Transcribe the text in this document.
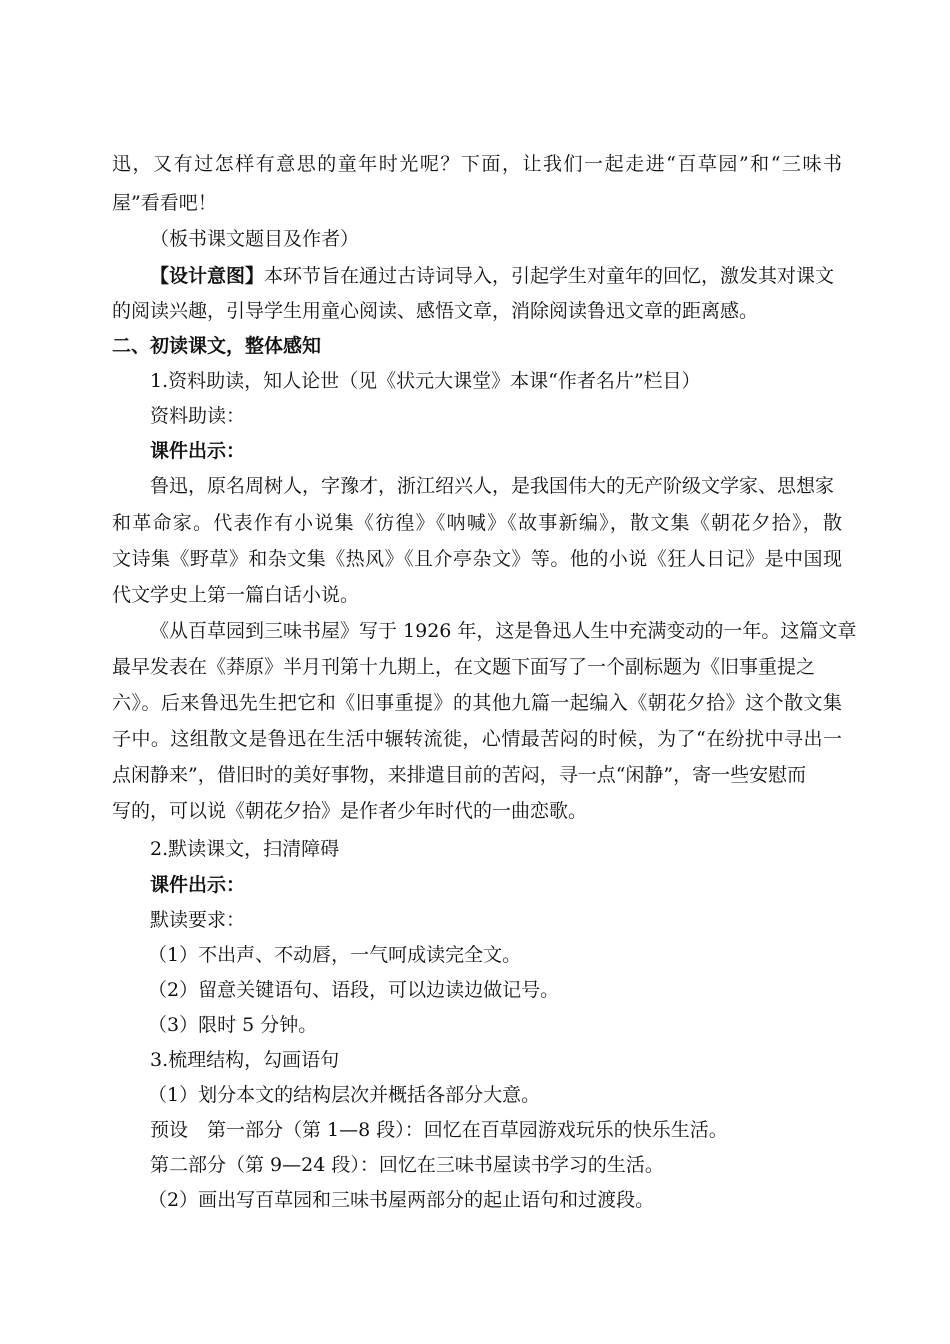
迅，又有过怎样有意思的童年时光呢？下面，让我们一起走进“百草园”和“三味书
屋”看看吧！
（板书课文题目及作者）
【设计意图】本环节旨在通过古诗词导入，引起学生对童年的回忆，激发其对课文
的阅读兴趣，引导学生用童心阅读、感悟文章，消除阅读鲁迅文章的距离感。
二、初读课文，整体感知
1.资料助读，知人论世（见《状元大课堂》本课“作者名片”栏目）
资料助读：
课件出示：
鲁迅，原名周树人，字豫才，浙江绍兴人，是我国伟大的无产阶级文学家、思想家
和革命家。代表作有小说集《彷徨》《呐喊》《故事新编》，散文集《朝花夕拾》，散
文诗集《野草》和杂文集《热风》《且介亭杂文》等。他的小说《狂人日记》是中国现
代文学史上第一篇白话小说。
《从百草园到三味书屋》写于 1926 年，这是鲁迅人生中充满变动的一年。这篇文章
最早发表在《莽原》半月刊第十九期上，在文题下面写了一个副标题为《旧事重提之
六》。后来鲁迅先生把它和《旧事重提》的其他九篇一起编入《朝花夕拾》这个散文集
子中。这组散文是鲁迅在生活中辗转流徙，心情最苦闷的时候，为了“在纷扰中寻出一
点闲静来”，借旧时的美好事物，来排遣目前的苦闷，寻一点“闲静”，寄一些安慰而
写的，可以说《朝花夕拾》是作者少年时代的一曲恋歌。
2.默读课文，扫清障碍
课件出示：
默读要求：
（1）不出声、不动唇，一气呵成读完全文。
（2）留意关键语句、语段，可以边读边做记号。
（3）限时 5 分钟。
3.梳理结构，勾画语句
（1）划分本文的结构层次并概括各部分大意。
预设　第一部分（第 1—8 段）：回忆在百草园游戏玩乐的快乐生活。
第二部分（第 9—24 段）：回忆在三味书屋读书学习的生活。
（2）画出写百草园和三味书屋两部分的起止语句和过渡段。
